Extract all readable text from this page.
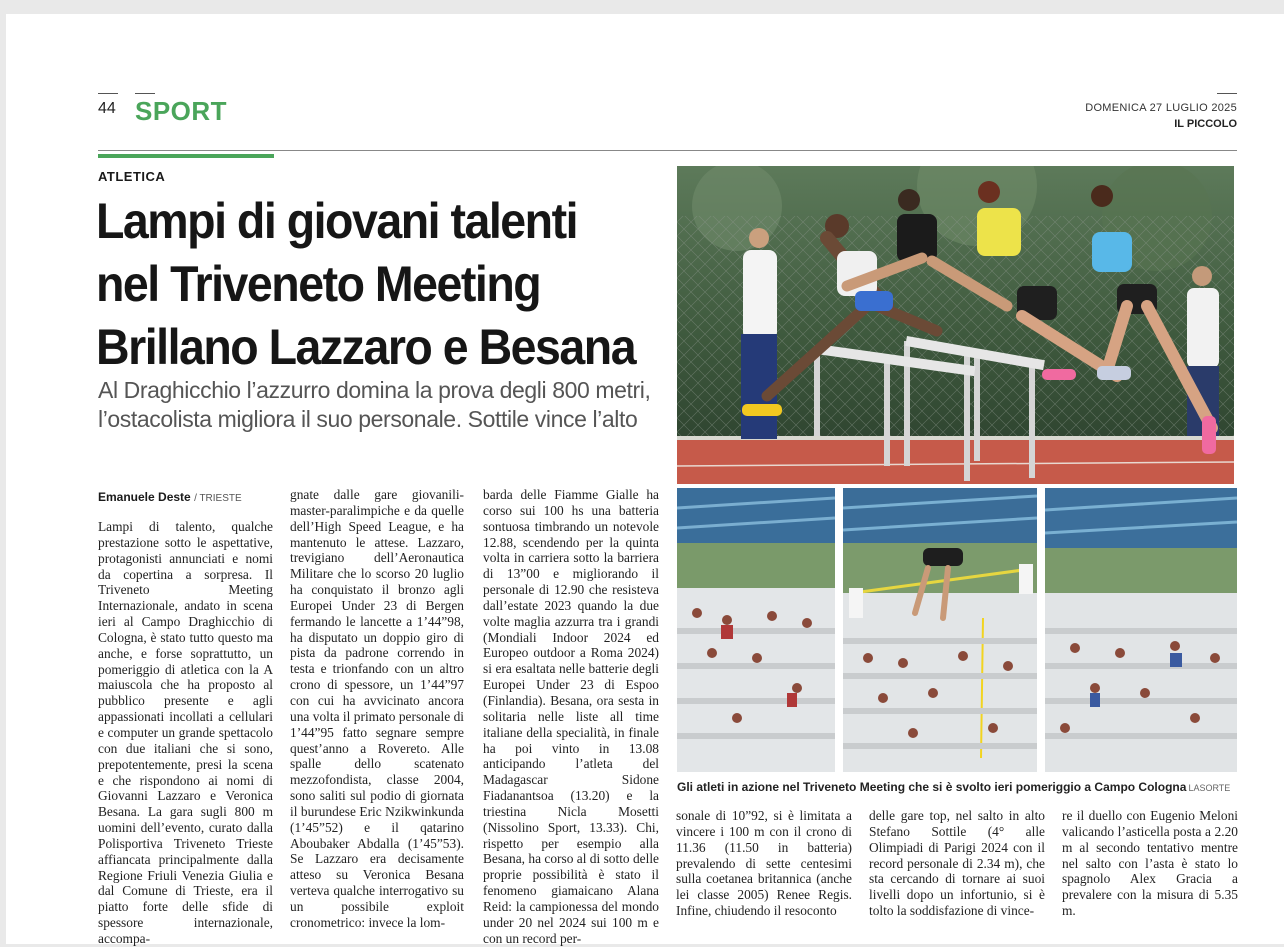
44 SPORT	DOMENICA 27 LUGLIO 2025
IL PICCOLO
ATLETICA
Lampi di giovani talenti
nel Triveneto Meeting
Brillano Lazzaro e Besana
Al Draghicchio l’azzurro domina la prova degli 800 metri, l’ostacolista migliora il suo personale. Sottile vince l’alto
Emanuele Deste / TRIESTE

Lampi di talento, qualche prestazione sotto le aspettative, protagonisti annunciati e nomi da copertina a sorpresa. Il Triveneto Meeting Internazionale, andato in scena ieri al Campo Draghicchio di Cologna, è stato tutto questo ma anche, e forse soprattutto, un pomeriggio di atletica con la A maiuscola che ha proposto al pubblico presente e agli appassionati incollati a cellulari e computer un grande spettacolo con due italiani che si sono, prepotentemente, presi la scena e che rispondono ai nomi di Giovanni Lazzaro e Veronica Besana. La gara sugli 800 m uomini dell’evento, curato dalla Polisportiva Triveneto Trieste affiancata principalmente dalla Regione Friuli Venezia Giulia e dal Comune di Trieste, era il piatto forte delle sfide di spessore internazionale, accompa-

gnate dalle gare giovanili-master-paralimpiche e da quelle dell’High Speed League, e ha mantenuto le attese. Lazzaro, trevigiano dell’Aeronautica Militare che lo scorso 20 luglio ha conquistato il bronzo agli Europei Under 23 di Bergen fermando le lancette a 1’44”98, ha disputato un doppio giro di pista da padrone correndo in testa e trionfando con un altro crono di spessore, un 1’44”97 con cui ha avvicinato ancora una volta il primato personale di 1’44”95 fatto segnare sempre quest’anno a Rovereto. Alle spalle dello scatenato mezzofondista, classe 2004, sono saliti sul podio di giornata il burundese Eric Nzikwinkunda (1’45”52) e il qatarino Aboubaker Abdalla (1’45”53). Se Lazzaro era decisamente atteso su Veronica Besana verteva qualche interrogativo su un possibile exploit cronometrico: invece la lom-

barda delle Fiamme Gialle ha corso sui 100 hs una batteria sontuosa timbrando un notevole 12.88, scendendo per la quinta volta in carriera sotto la barriera di 13”00 e migliorando il personale di 12.90 che resisteva dall’estate 2023 quando la due volte maglia azzurra tra i grandi (Mondiali Indoor 2024 ed Europeo outdoor a Roma 2024) si era esaltata nelle batterie degli Europei Under 23 di Espoo (Finlandia). Besana, ora sesta in solitaria nelle liste all time italiane della specialità, in finale ha poi vinto in 13.08 anticipando l’atleta del Madagascar Sidone Fiadanantsoa (13.20) e la triestina Nicla Mosetti (Nissolino Sport, 13.33). Chi, rispetto per esempio alla Besana, ha corso al di sotto delle proprie possibilità è stato il fenomeno giamaicano Alana Reid: la campionessa del mondo under 20 nel 2024 sui 100 m e con un record per-

sonale di 10”92, si è limitata a vincere i 100 m con il crono di 11.36 (11.50 in batteria) prevalendo di sette centesimi sulla coetanea britannica (anche lei classe 2005) Renee Regis. Infine, chiudendo il resoconto

delle gare top, nel salto in alto Stefano Sottile (4° alle Olimpiadi di Parigi 2024 con il record personale di 2.34 m), che sta cercando di tornare ai suoi livelli dopo un infortunio, si è tolto la soddisfazione di vince-

re il duello con Eugenio Meloni valicando l’asticella posta a 2.20 m al secondo tentativo mentre nel salto con l’asta è stato lo spagnolo Alex Gracia a prevalere con la misura di 5.35 m.

Gli atleti in azione nel Triveneto Meeting che si è svolto ieri pomeriggio a Campo Cologna LASORTE
